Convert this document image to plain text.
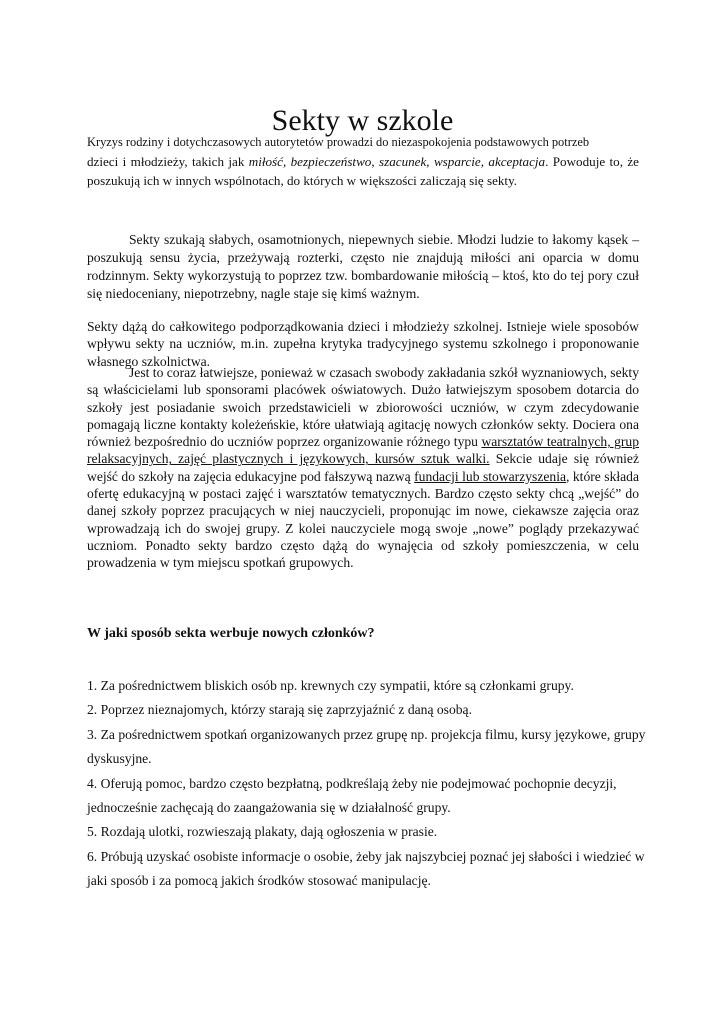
Sekty w szkole
Kryzys rodziny i dotychczasowych autorytetów prowadzi do niezaspokojenia podstawowych potrzeb
dzieci i młodzieży, takich jak miłość, bezpieczeństwo, szacunek, wsparcie, akceptacja. Powoduje to, że poszukują ich w innych wspólnotach, do których w większości zaliczają się sekty.
Sekty szukają słabych, osamotnionych, niepewnych siebie. Młodzi ludzie to łakomy kąsek – poszukują sensu życia, przeżywają rozterki, często nie znajdują miłości ani oparcia w domu rodzinnym. Sekty wykorzystują to poprzez tzw. bombardowanie miłością – ktoś, kto do tej pory czuł się niedoceniany, niepotrzebny, nagle staje się kimś ważnym.
Sekty dążą do całkowitego podporządkowania dzieci i młodzieży szkolnej. Istnieje wiele sposobów wpływu sekty na uczniów, m.in. zupełna krytyka tradycyjnego systemu szkolnego i proponowanie własnego szkolnictwa.
Jest to coraz łatwiejsze, ponieważ w czasach swobody zakładania szkół wyznaniowych, sekty są właścicielami lub sponsorami placówek oświatowych. Dużo łatwiejszym sposobem dotarcia do szkoły jest posiadanie swoich przedstawicieli w zbiorowości uczniów, w czym zdecydowanie pomagają liczne kontakty koleżeńskie, które ułatwiają agitację nowych członków sekty. Dociera ona również bezpośrednio do uczniów poprzez organizowanie różnego typu warsztatów teatralnych, grup relaksacyjnych, zajęć plastycznych i językowych, kursów sztuk walki. Sekcie udaje się również wejść do szkoły na zajęcia edukacyjne pod fałszywą nazwą fundacji lub stowarzyszenia, które składa ofertę edukacyjną w postaci zajęć i warsztatów tematycznych. Bardzo często sekty chcą „wejść” do danej szkoły poprzez pracujących w niej nauczycieli, proponując im nowe, ciekawsze zajęcia oraz wprowadzają ich do swojej grupy. Z kolei nauczyciele mogą swoje „nowe” poglądy przekazywać uczniom. Ponadto sekty bardzo często dążą do wynajęcia od szkoły pomieszczenia, w celu prowadzenia w tym miejscu spotkań grupowych.
W jaki sposób sekta werbuje nowych członków?
1. Za pośrednictwem bliskich osób np. krewnych czy sympatii, które są członkami grupy.
2. Poprzez nieznajomych, którzy starają się zaprzyjaźnić z daną osobą.
3. Za pośrednictwem spotkań organizowanych przez grupę np. projekcja filmu, kursy językowe, grupy dyskusyjne.
4. Oferują pomoc, bardzo często bezpłatną, podkreślają żeby nie podejmować pochopnie decyzji, jednocześnie zachęcają do zaangażowania się w działalność grupy.
5. Rozdają ulotki, rozwieszają plakaty, dają ogłoszenia w prasie.
6. Próbują uzyskać osobiste informacje o osobie, żeby jak najszybciej poznać jej słabości i wiedzieć w jaki sposób i za pomocą jakich środków stosować manipulację.
